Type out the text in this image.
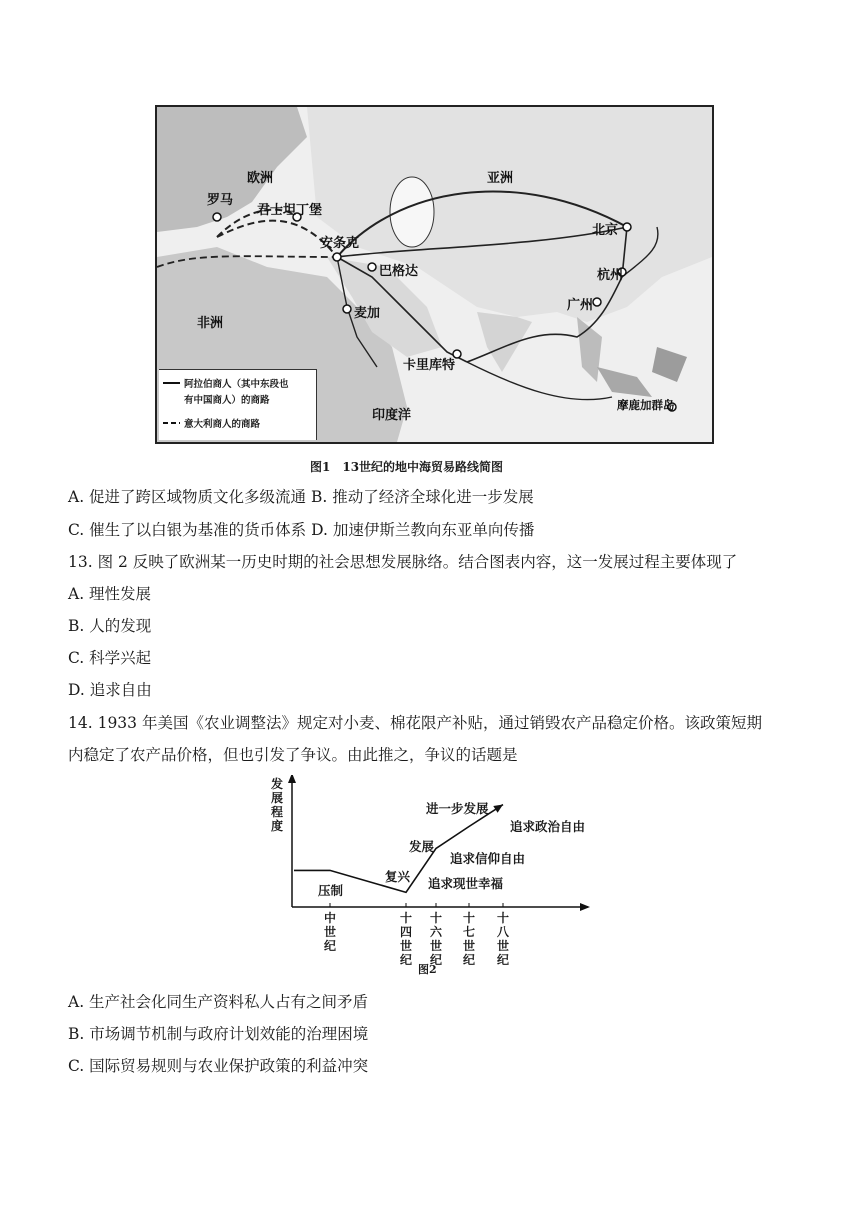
欧洲	亚洲
非洲
印度洋
罗马
君士坦丁堡
安条克
巴格达
麦加
卡里库特
北京
杭州
广州
摩鹿加群岛
阿拉伯商人（其中东段也
有中国商人）的商路
意大利商人的商路
图1　13世纪的地中海贸易路线简图
A. 促进了跨区域物质文化多级流通 B. 推动了经济全球化进一步发展
C. 催生了以白银为基准的货币体系 D. 加速伊斯兰教向东亚单向传播
13. 图 2 反映了欧洲某一历史时期的社会思想发展脉络。结合图表内容，这一发展过程主要体现了
A. 理性发展
B. 人的发现
C. 科学兴起
D. 追求自由
14. 1933 年美国《农业调整法》规定对小麦、棉花限产补贴，通过销毁农产品稳定价格。该政策短期
内稳定了农产品价格，但也引发了争议。由此推之，争议的话题是
发展程度
压制
复兴
发展
进一步发展
追求现世幸福
追求信仰自由
追求政治自由
中世纪
十四世纪
十六世纪
十七世纪
十八世纪
图2
A. 生产社会化同生产资料私人占有之间矛盾
B. 市场调节机制与政府计划效能的治理困境
C. 国际贸易规则与农业保护政策的利益冲突
